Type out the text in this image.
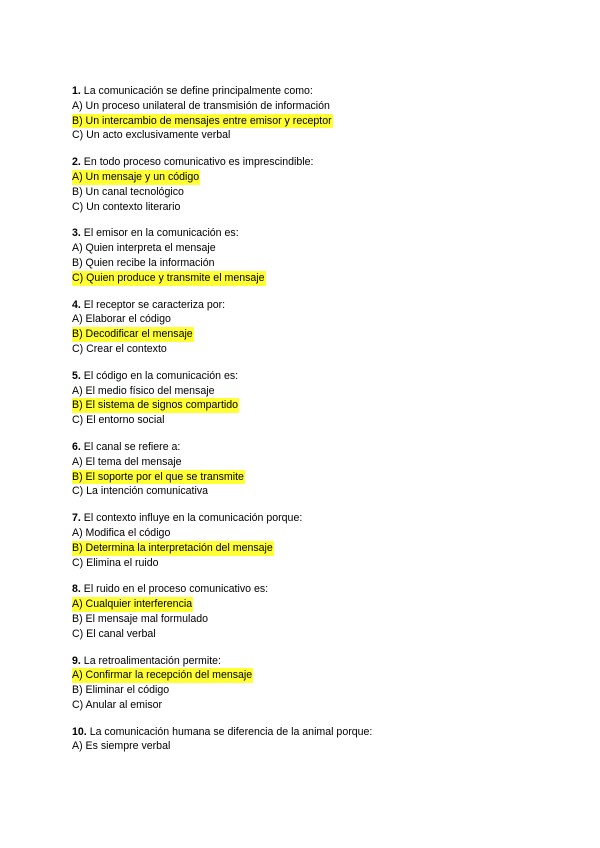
1. La comunicación se define principalmente como:
A) Un proceso unilateral de transmisión de información
B) Un intercambio de mensajes entre emisor y receptor
C) Un acto exclusivamente verbal
2. En todo proceso comunicativo es imprescindible:
A) Un mensaje y un código
B) Un canal tecnológico
C) Un contexto literario
3. El emisor en la comunicación es:
A) Quien interpreta el mensaje
B) Quien recibe la información
C) Quien produce y transmite el mensaje
4. El receptor se caracteriza por:
A) Elaborar el código
B) Decodificar el mensaje
C) Crear el contexto
5. El código en la comunicación es:
A) El medio físico del mensaje
B) El sistema de signos compartido
C) El entorno social
6. El canal se refiere a:
A) El tema del mensaje
B) El soporte por el que se transmite
C) La intención comunicativa
7. El contexto influye en la comunicación porque:
A) Modifica el código
B) Determina la interpretación del mensaje
C) Elimina el ruido
8. El ruido en el proceso comunicativo es:
A) Cualquier interferencia
B) El mensaje mal formulado
C) El canal verbal
9. La retroalimentación permite:
A) Confirmar la recepción del mensaje
B) Eliminar el código
C) Anular al emisor
10. La comunicación humana se diferencia de la animal porque:
A) Es siempre verbal
